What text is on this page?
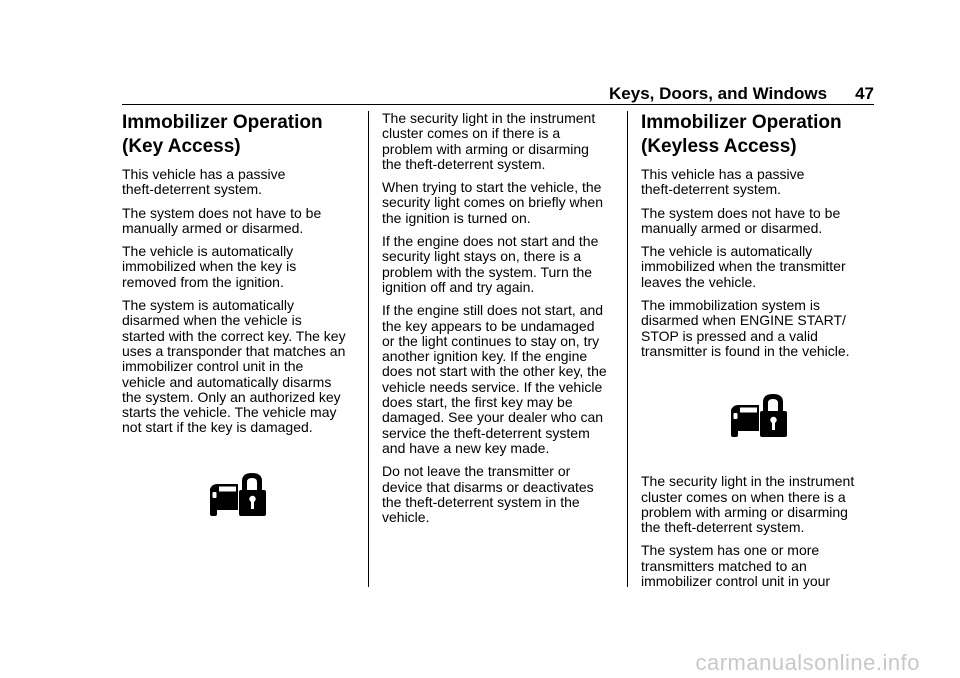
Keys, Doors, and Windows 47
Immobilizer Operation
(Key Access)

This vehicle has a passive
theft-deterrent system.

The system does not have to be
manually armed or disarmed.

The vehicle is automatically
immobilized when the key is
removed from the ignition.

The system is automatically
disarmed when the vehicle is
started with the correct key. The key
uses a transponder that matches an
immobilizer control unit in the
vehicle and automatically disarms
the system. Only an authorized key
starts the vehicle. The vehicle may
not start if the key is damaged.

The security light in the instrument
cluster comes on if there is a
problem with arming or disarming
the theft-deterrent system.

When trying to start the vehicle, the
security light comes on briefly when
the ignition is turned on.

If the engine does not start and the
security light stays on, there is a
problem with the system. Turn the
ignition off and try again.

If the engine still does not start, and
the key appears to be undamaged
or the light continues to stay on, try
another ignition key. If the engine
does not start with the other key, the
vehicle needs service. If the vehicle
does start, the first key may be
damaged. See your dealer who can
service the theft-deterrent system
and have a new key made.

Do not leave the transmitter or
device that disarms or deactivates
the theft-deterrent system in the
vehicle.

Immobilizer Operation
(Keyless Access)

This vehicle has a passive
theft-deterrent system.

The system does not have to be
manually armed or disarmed.

The vehicle is automatically
immobilized when the transmitter
leaves the vehicle.

The immobilization system is
disarmed when ENGINE START/
STOP is pressed and a valid
transmitter is found in the vehicle.

The security light in the instrument
cluster comes on when there is a
problem with arming or disarming
the theft-deterrent system.

The system has one or more
transmitters matched to an
immobilizer control unit in your

carmanualsonline.info
